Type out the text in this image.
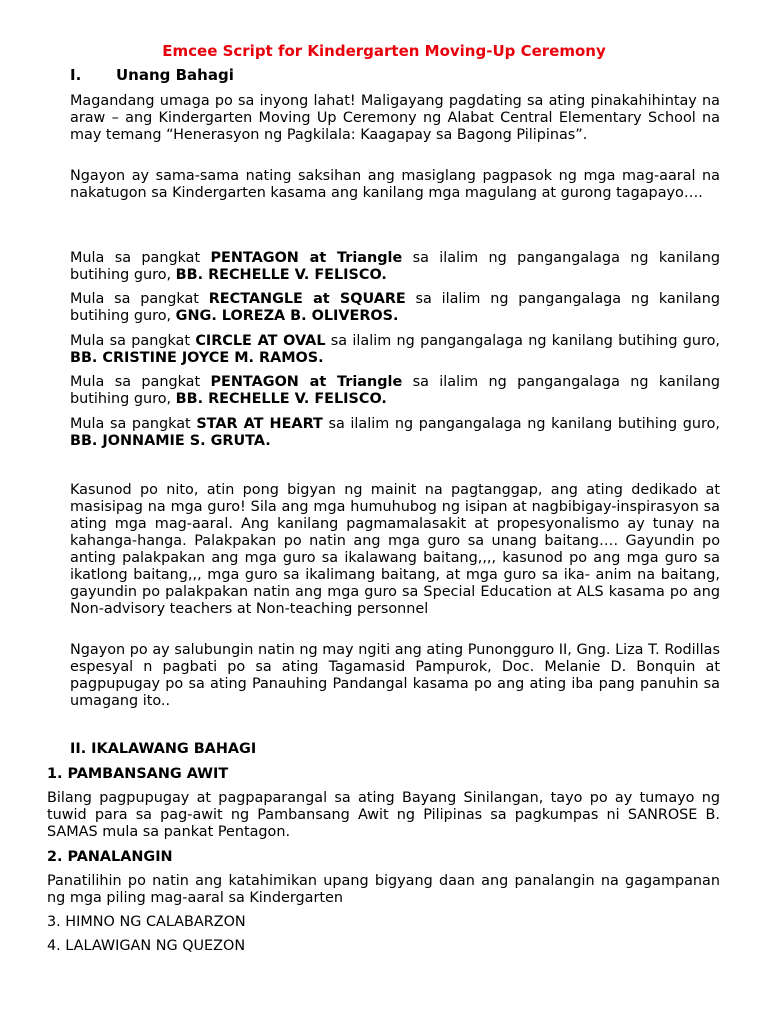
Emcee Script for Kindergarten Moving-Up Ceremony
I. Unang Bahagi

Magandang umaga po sa inyong lahat! Maligayang pagdating sa ating pinakahihintay na araw – ang Kindergarten Moving Up Ceremony ng Alabat Central Elementary School na may temang “Henerasyon ng Pagkilala: Kaagapay sa Bagong Pilipinas”.

Ngayon ay sama-sama nating saksihan ang masiglang pagpasok ng mga mag-aaral na nakatugon sa Kindergarten kasama ang kanilang mga magulang at gurong tagapayo….

Mula sa pangkat PENTAGON at Triangle sa ilalim ng pangangalaga ng kanilang butihing guro, BB. RECHELLE V. FELISCO.

Mula sa pangkat RECTANGLE at SQUARE sa ilalim ng pangangalaga ng kanilang butihing guro, GNG. LOREZA B. OLIVEROS.

Mula sa pangkat CIRCLE AT OVAL sa ilalim ng pangangalaga ng kanilang butihing guro, BB. CRISTINE JOYCE M. RAMOS.

Mula sa pangkat PENTAGON at Triangle sa ilalim ng pangangalaga ng kanilang butihing guro, BB. RECHELLE V. FELISCO.

Mula sa pangkat STAR AT HEART sa ilalim ng pangangalaga ng kanilang butihing guro, BB. JONNAMIE S. GRUTA.

Kasunod po nito, atin pong bigyan ng mainit na pagtanggap, ang ating dedikado at masisipag na mga guro! Sila ang mga humuhubog ng isipan at nagbibigay-inspirasyon sa ating mga mag-aaral. Ang kanilang pagmamalasakit at propesyonalismo ay tunay na kahanga-hanga. Palakpakan po natin ang mga guro sa unang baitang…. Gayundin po anting palakpakan ang mga guro sa ikalawang baitang,,,, kasunod po ang mga guro sa ikatlong baitang,,, mga guro sa ikalimang baitang, at mga guro sa ika- anim na baitang, gayundin po palakpakan natin ang mga guro sa Special Education at ALS kasama po ang Non-advisory teachers at Non-teaching personnel

Ngayon po ay salubungin natin ng may ngiti ang ating Punongguro II, Gng. Liza T. Rodillas espesyal n pagbati po sa ating Tagamasid Pampurok, Doc. Melanie D. Bonquin at pagpupugay po sa ating Panauhing Pandangal kasama po ang ating iba pang panuhin sa umagang ito..

II. IKALAWANG BAHAGI
1. PAMBANSANG AWIT

Bilang pagpupugay at pagpaparangal sa ating Bayang Sinilangan, tayo po ay tumayo ng tuwid para sa pag-awit ng Pambansang Awit ng Pilipinas sa pagkumpas ni SANROSE B. SAMAS mula sa pankat Pentagon.

2. PANALANGIN

Panatilihin po natin ang katahimikan upang bigyang daan ang panalangin na gagampanan ng mga piling mag-aaral sa Kindergarten

3. HIMNO NG CALABARZON
4. LALAWIGAN NG QUEZON
